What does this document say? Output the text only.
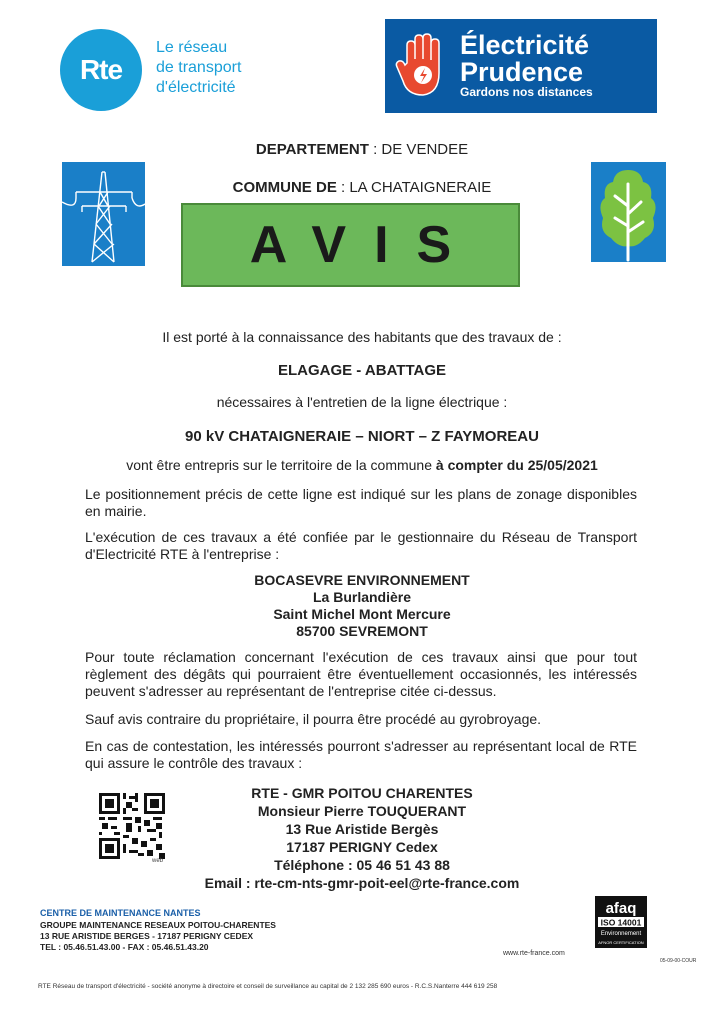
Rte
Le réseau
de transport
d'électricité
Électricité
Prudence
Gardons nos distances
DEPARTEMENT : DE VENDEE
COMMUNE DE : LA CHATAIGNERAIE
AVIS
Il est porté à la connaissance des habitants que des travaux de :
ELAGAGE - ABATTAGE
nécessaires à l'entretien de la ligne électrique :
90 kV CHATAIGNERAIE – NIORT – Z FAYMOREAU
vont être entrepris sur le territoire de la commune à compter du 25/05/2021
Le positionnement précis de cette ligne est indiqué sur les plans de zonage disponibles en mairie.
L'exécution de ces travaux a été confiée par le gestionnaire du Réseau de Transport d'Electricité RTE à l'entreprise :
BOCASEVRE ENVIRONNEMENT
La Burlandière
Saint Michel Mont Mercure
85700 SEVREMONT
Pour toute réclamation concernant l'exécution de ces travaux ainsi que pour tout règlement des dégâts qui pourraient être éventuellement occasionnés, les intéressés peuvent s'adresser au représentant de l'entreprise citée ci-dessus.
Sauf avis contraire du propriétaire, il pourra être procédé au gyrobroyage.
En cas de contestation, les intéressés pourront s'adresser au représentant local de RTE qui assure le contrôle des travaux :
web
RTE - GMR POITOU CHARENTES
Monsieur Pierre TOUQUERANT
13 Rue Aristide Bergès
17187 PERIGNY Cedex
Téléphone : 05 46 51 43 88
Email : rte-cm-nts-gmr-poit-eel@rte-france.com
CENTRE DE MAINTENANCE NANTES
GROUPE MAINTENANCE RESEAUX POITOU-CHARENTES
13 RUE ARISTIDE BERGES - 17187 PERIGNY CEDEX
TEL : 05.46.51.43.00 - FAX : 05.46.51.43.20
afaq
ISO 14001
Environnement
AFNOR CERTIFICATION
www.rte-france.com
05-09-00-COUR
RTE Réseau de transport d'électricité - société anonyme à directoire et conseil de surveillance au capital de 2 132 285 690 euros - R.C.S.Nanterre 444 619 258
